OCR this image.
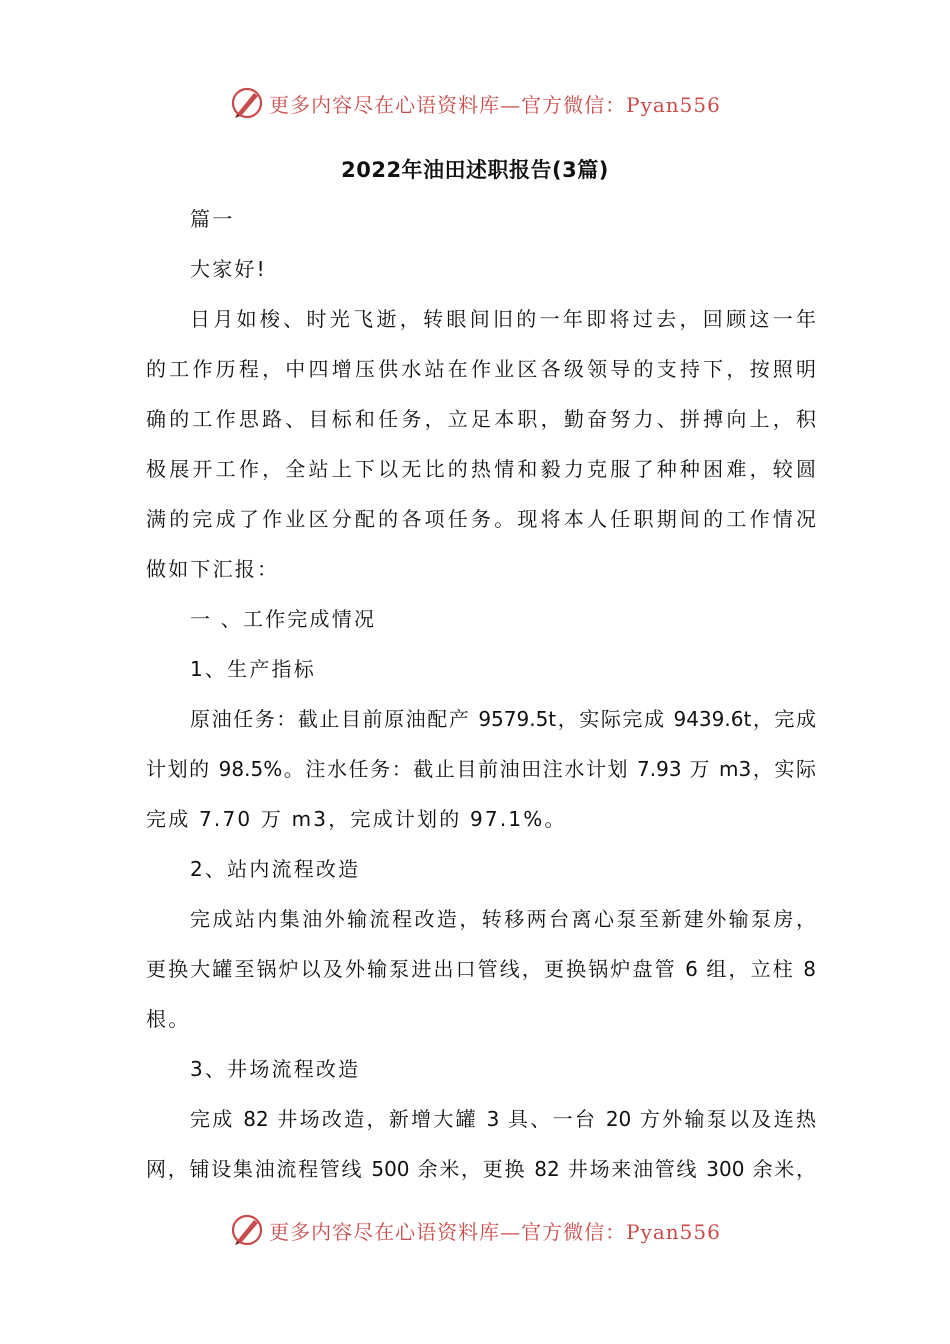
更多内容尽在心语资料库—官方微信：Pyan556
2022年油田述职报告(3篇)

篇一

大家好!

日月如梭、时光飞逝，转眼间旧的一年即将过去，回顾这一年

的工作历程，中四增压供水站在作业区各级领导的支持下，按照明

确的工作思路、目标和任务，立足本职，勤奋努力、拼搏向上，积

极展开工作，全站上下以无比的热情和毅力克服了种种困难，较圆

满的完成了作业区分配的各项任务。现将本人任职期间的工作情况

做如下汇报：

一 、工作完成情况

1、生产指标

原油任务：截止目前原油配产 9579.5t，实际完成 9439.6t，完成

计划的 98.5%。注水任务：截止目前油田注水计划 7.93 万 m3，实际

完成 7.70 万 m3，完成计划的 97.1%。

2、站内流程改造

完成站内集油外输流程改造，转移两台离心泵至新建外输泵房，

更换大罐至锅炉以及外输泵进出口管线，更换锅炉盘管 6 组，立柱 8

根。

3、井场流程改造

完成 82 井场改造，新增大罐 3 具、一台 20 方外输泵以及连热

网，铺设集油流程管线 500 余米，更换 82 井场来油管线 300 余米，

更多内容尽在心语资料库—官方微信：Pyan556
